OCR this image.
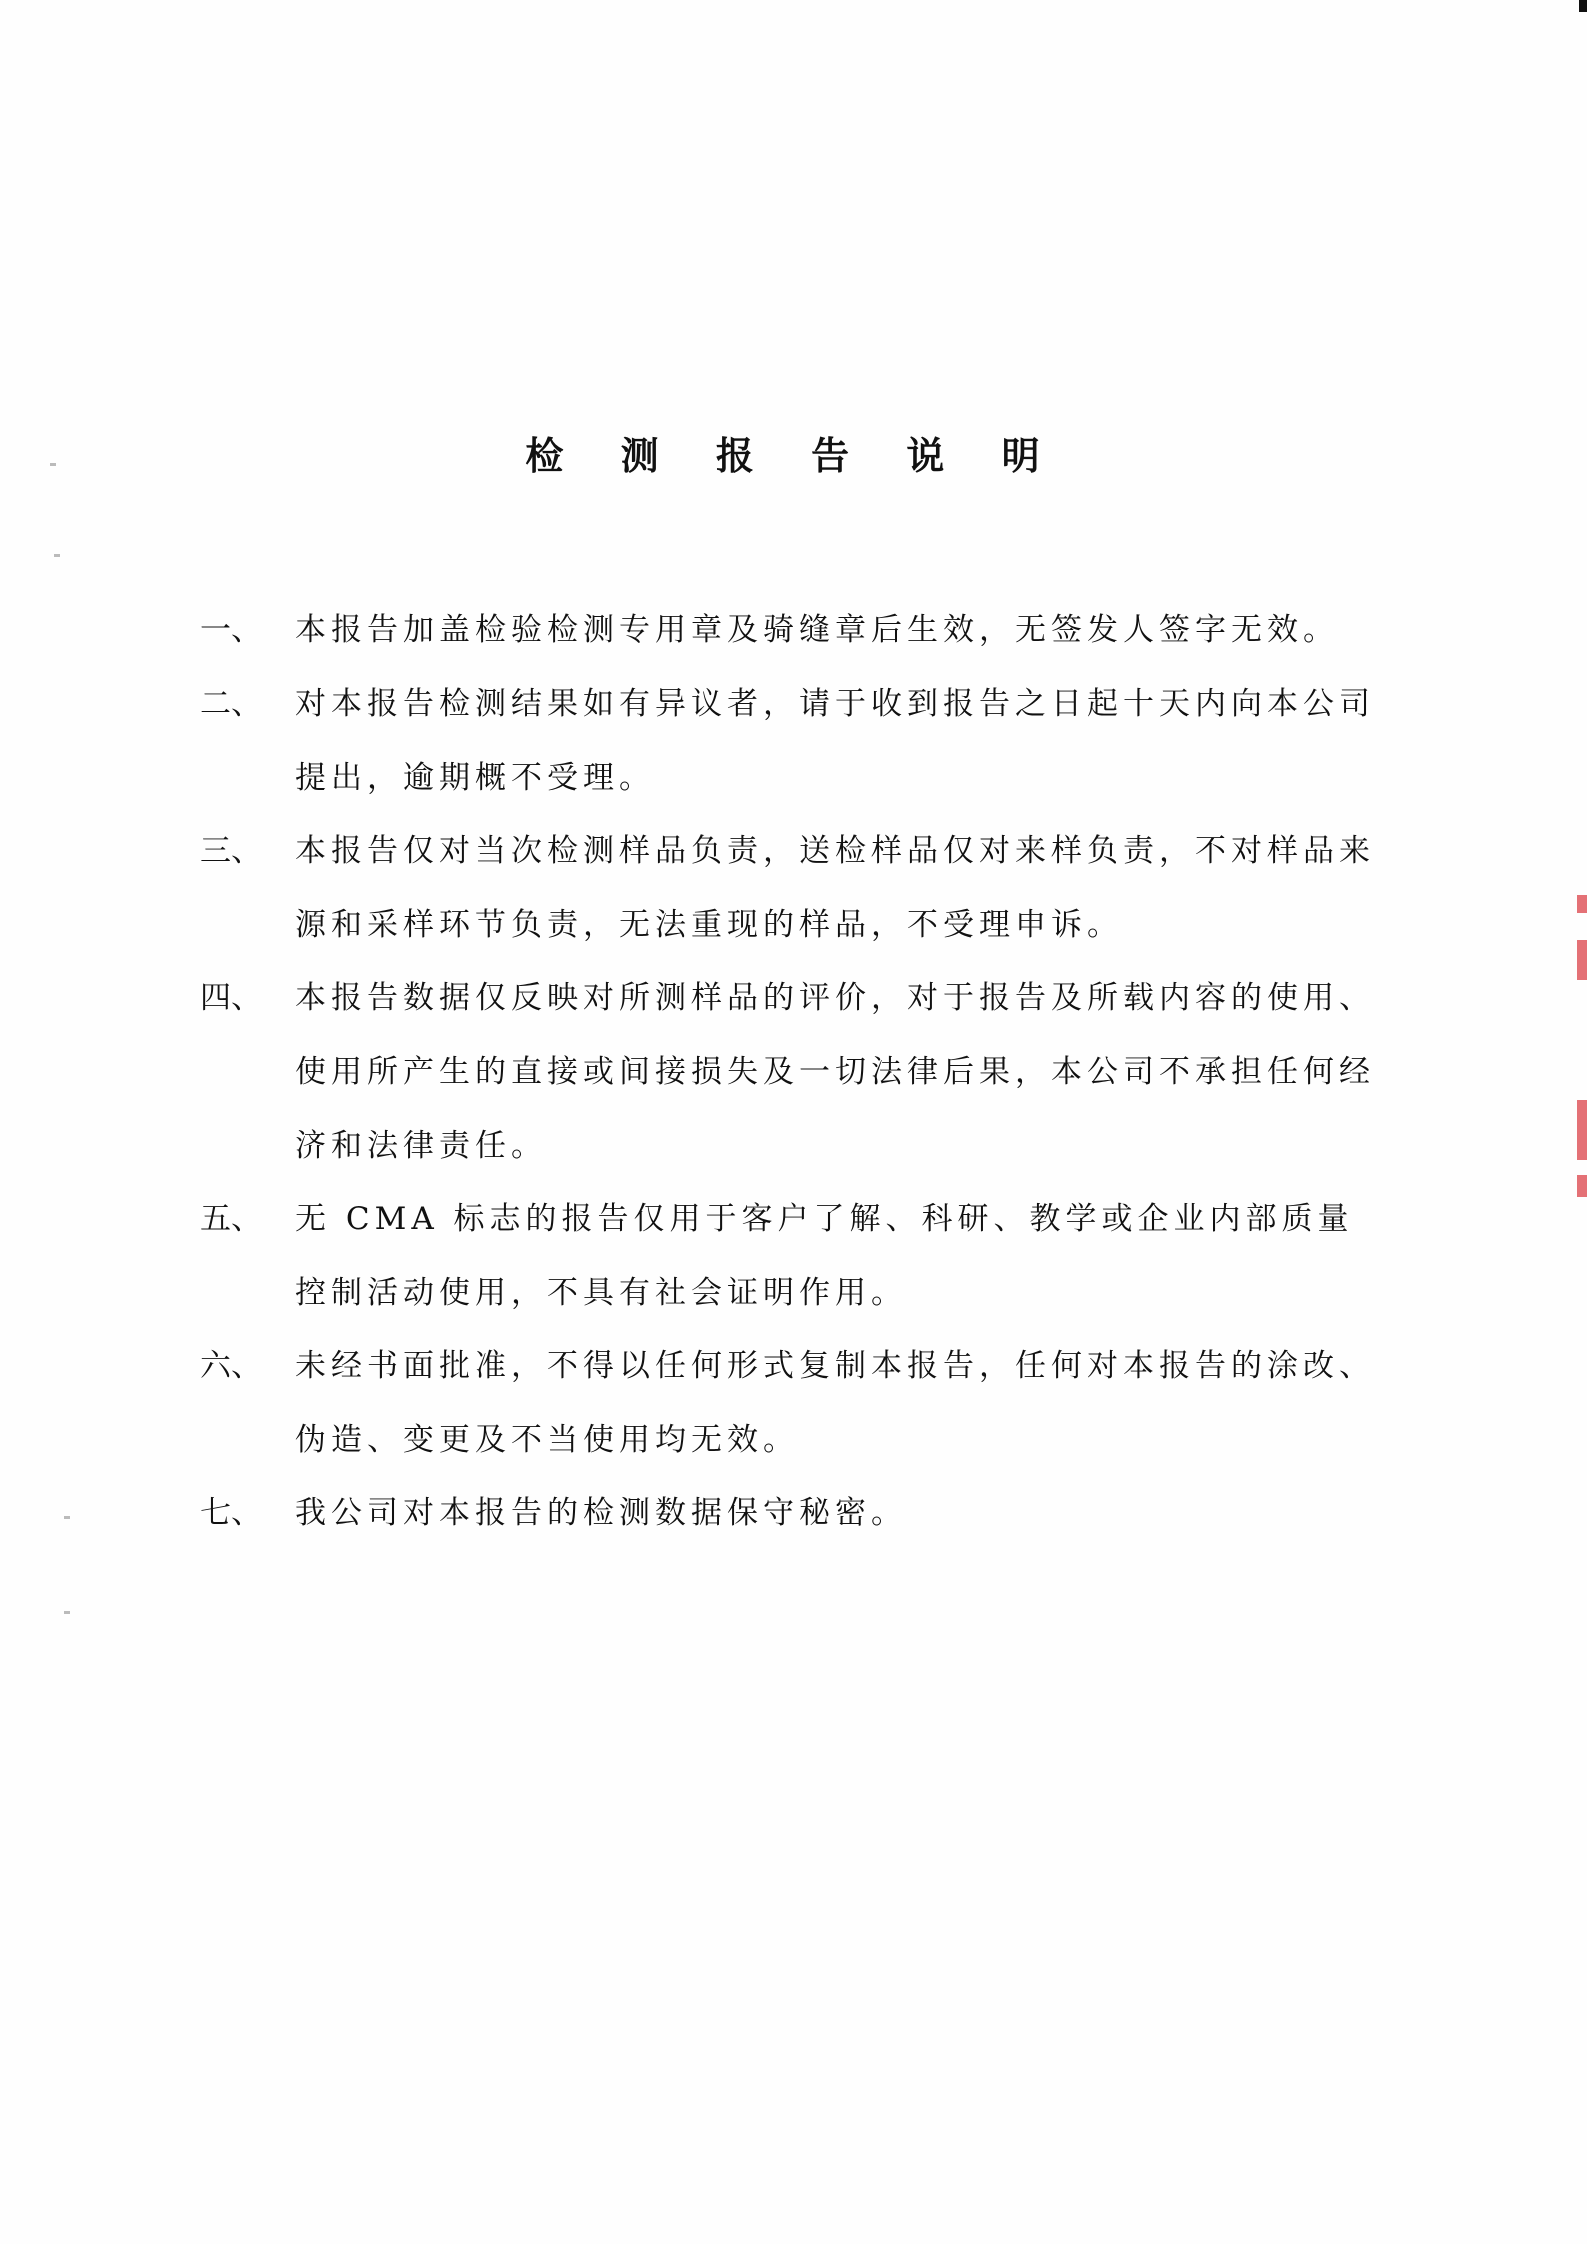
检 测 报 告 说 明
一、 本报告加盖检验检测专用章及骑缝章后生效，无签发人签字无效。
二、 对本报告检测结果如有异议者，请于收到报告之日起十天内向本公司提出，逾期概不受理。
三、 本报告仅对当次检测样品负责，送检样品仅对来样负责，不对样品来源和采样环节负责，无法重现的样品，不受理申诉。
四、 本报告数据仅反映对所测样品的评价，对于报告及所载内容的使用、使用所产生的直接或间接损失及一切法律后果，本公司不承担任何经济和法律责任。
五、 无 CMA 标志的报告仅用于客户了解、科研、教学或企业内部质量控制活动使用，不具有社会证明作用。
六、 未经书面批准，不得以任何形式复制本报告，任何对本报告的涂改、伪造、变更及不当使用均无效。
七、 我公司对本报告的检测数据保守秘密。
